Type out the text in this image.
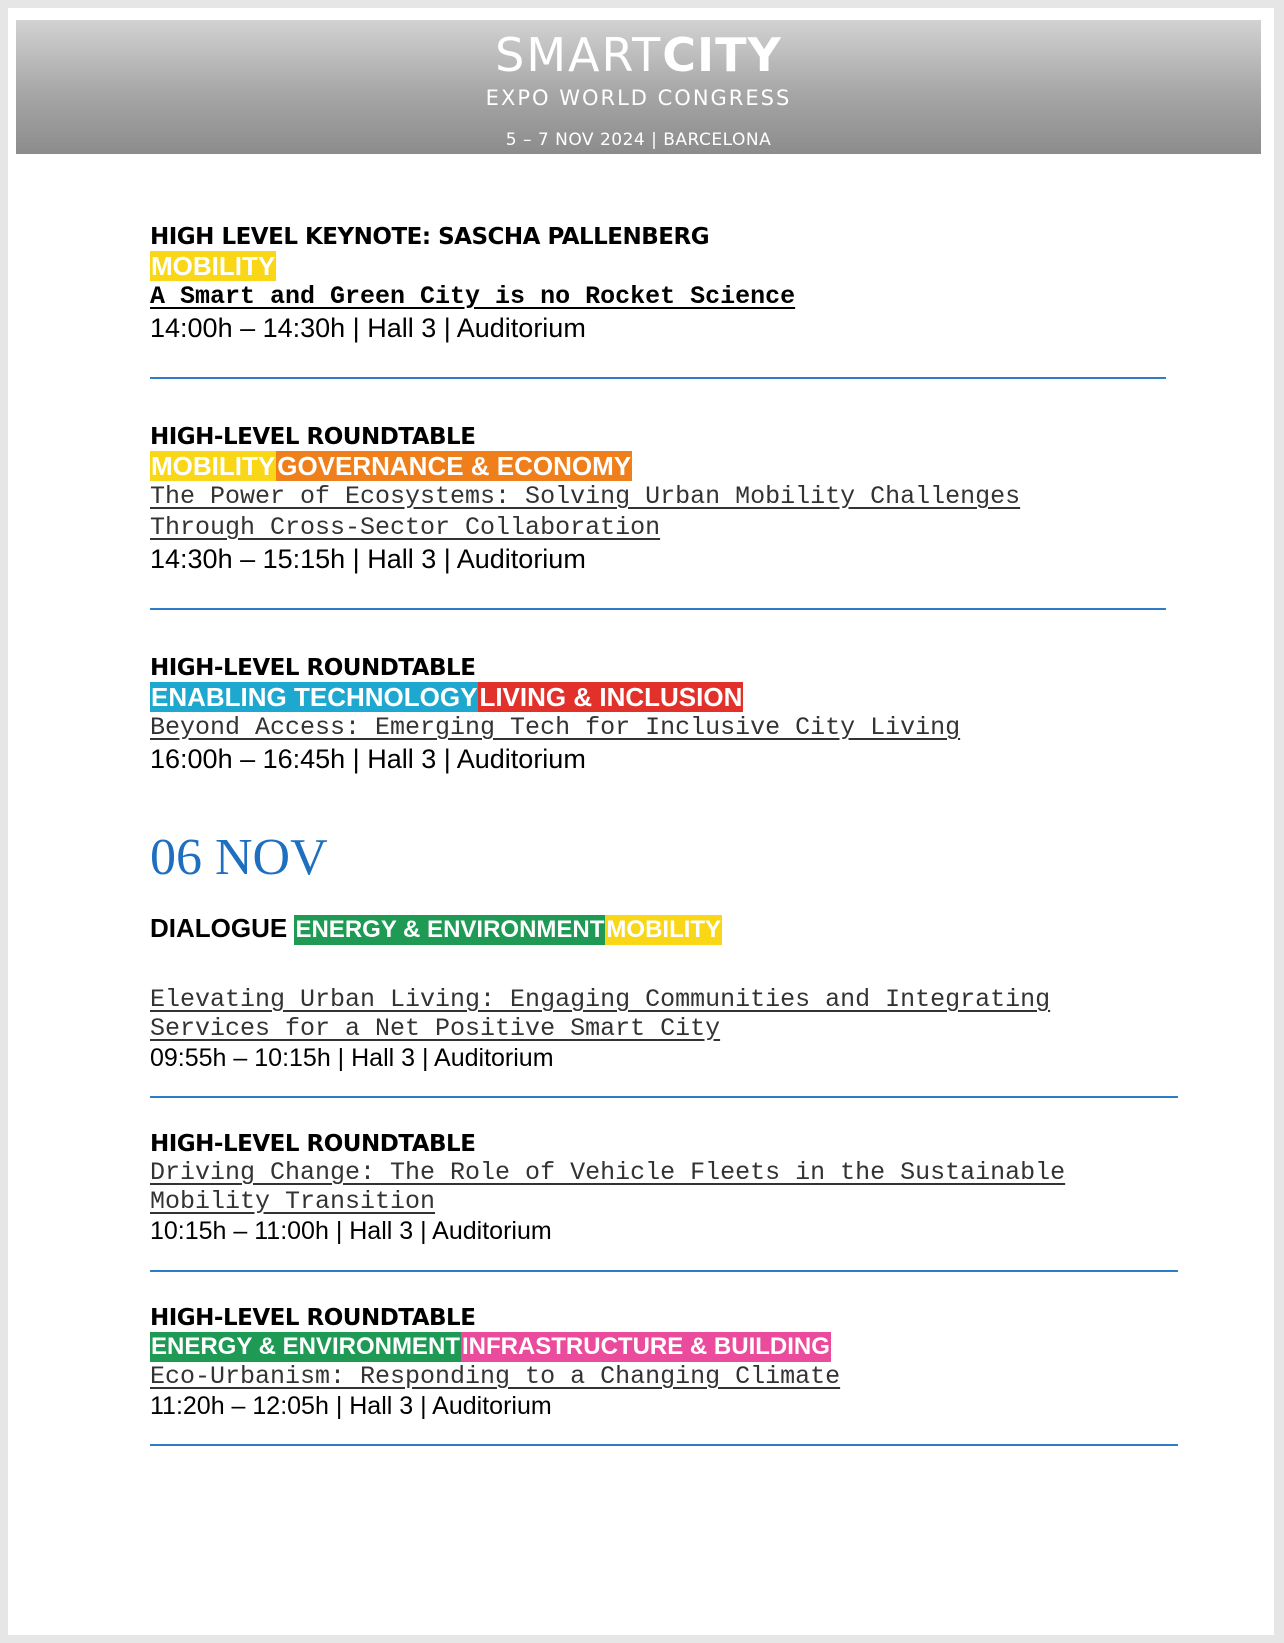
SMARTCITY
EXPO WORLD CONGRESS
5 – 7 NOV 2024 | BARCELONA
HIGH LEVEL KEYNOTE: SASCHA PALLENBERG
MOBILITY
A Smart and Green City is no Rocket Science
14:00h – 14:30h | Hall 3 | Auditorium
HIGH-LEVEL ROUNDTABLE
MOBILITYGOVERNANCE & ECONOMY
The Power of Ecosystems: Solving Urban Mobility Challenges
Through Cross-Sector Collaboration
14:30h – 15:15h | Hall 3 | Auditorium
HIGH-LEVEL ROUNDTABLE
ENABLING TECHNOLOGYLIVING & INCLUSION
Beyond Access: Emerging Tech for Inclusive City Living
16:00h – 16:45h | Hall 3 | Auditorium
06 NOV
DIALOGUE ENERGY & ENVIRONMENTMOBILITY
Elevating Urban Living: Engaging Communities and Integrating
Services for a Net Positive Smart City
09:55h – 10:15h | Hall 3 | Auditorium
HIGH-LEVEL ROUNDTABLE
Driving Change: The Role of Vehicle Fleets in the Sustainable
Mobility Transition
10:15h – 11:00h | Hall 3 | Auditorium
HIGH-LEVEL ROUNDTABLE
ENERGY & ENVIRONMENTINFRASTRUCTURE & BUILDING
Eco-Urbanism: Responding to a Changing Climate
11:20h – 12:05h | Hall 3 | Auditorium
